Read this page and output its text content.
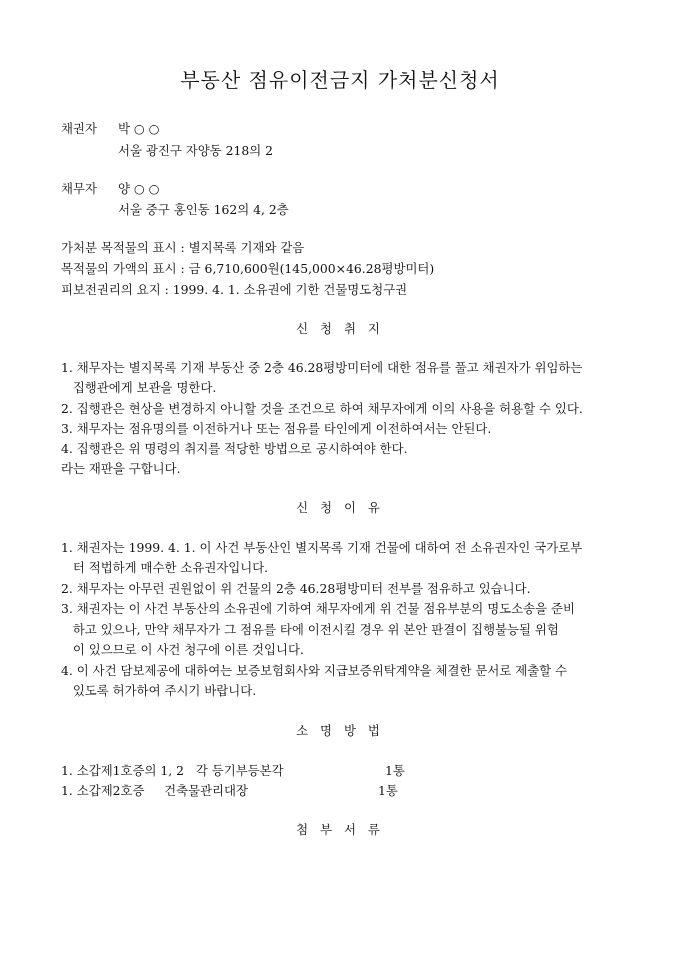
부동산 점유이전금지 가처분신청서
채권자 박 ○ ○
서울 광진구 자양동 218의 2
채무자 양 ○ ○
서울 중구 홍인동 162의 4, 2층
가처분 목적물의 표시 : 별지목록 기재와 같음
목적물의 가액의 표시 : 금 6,710,600원(145,000×46.28평방미터)
피보전권리의 요지 : 1999. 4. 1. 소유권에 기한 건물명도청구권
신 청 취 지
1. 채무자는 별지목록 기재 부동산 중 2층 46.28평방미터에 대한 점유를 풀고 채권자가 위임하는
집행관에게 보관을 명한다.
2. 집행관은 현상을 변경하지 아니할 것을 조건으로 하여 채무자에게 이의 사용을 허용할 수 있다.
3. 채무자는 점유명의를 이전하거나 또는 점유를 타인에게 이전하여서는 안된다.
4. 집행관은 위 명령의 취지를 적당한 방법으로 공시하여야 한다.
라는 재판을 구합니다.
신 청 이 유
1. 채권자는 1999. 4. 1. 이 사건 부동산인 별지목록 기재 건물에 대하여 전 소유권자인 국가로부
터 적법하게 매수한 소유권자입니다.
2. 채무자는 아무런 권원없이 위 건물의 2층 46.28평방미터 전부를 점유하고 있습니다.
3. 채권자는 이 사건 부동산의 소유권에 기하여 채무자에게 위 건물 점유부분의 명도소송을 준비
하고 있으나, 만약 채무자가 그 점유를 타에 이전시킬 경우 위 본안 판결이 집행불능될 위험
이 있으므로 이 사건 청구에 이른 것입니다.
4. 이 사건 담보제공에 대하여는 보증보험회사와 지급보증위탁계약을 체결한 문서로 제출할 수
있도록 허가하여 주시기 바랍니다.
소 명 방 법
1. 소갑제1호증의 1, 2   각 등기부등본각	1통
1. 소갑제2호증     건축물관리대장	1통
첨 부 서 류
